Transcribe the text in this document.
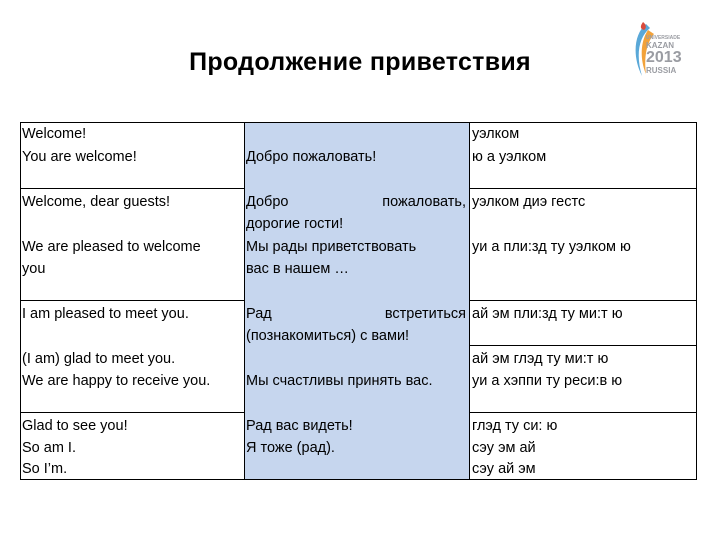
Продолжение приветствия
UNIVERSIADE
KAZAN
2013
RUSSIA
Welcome!
You are welcome!
Welcome, dear guests!
We are pleased to welcome
you
I am pleased to meet you.
(I am) glad to meet you.
We are happy to receive you.
Glad to see you!
So am I.
So I’m.
Добро пожаловать!
Добро	пожаловать,
дорогие гости!
Мы рады приветствовать
вас в нашем …
Рад	встретиться
(познакомиться) с вами!
Мы счастливы принять вас.
Рад вас видеть!
Я тоже (рад).
уэлком
ю а уэлком
уэлком диэ гестс
уи а пли:зд ту уэлком ю
ай эм пли:зд ту ми:т ю
ай эм глэд ту ми:т ю
уи а хэппи ту реси:в ю
глэд ту си: ю
сэу эм ай
сэу ай эм
